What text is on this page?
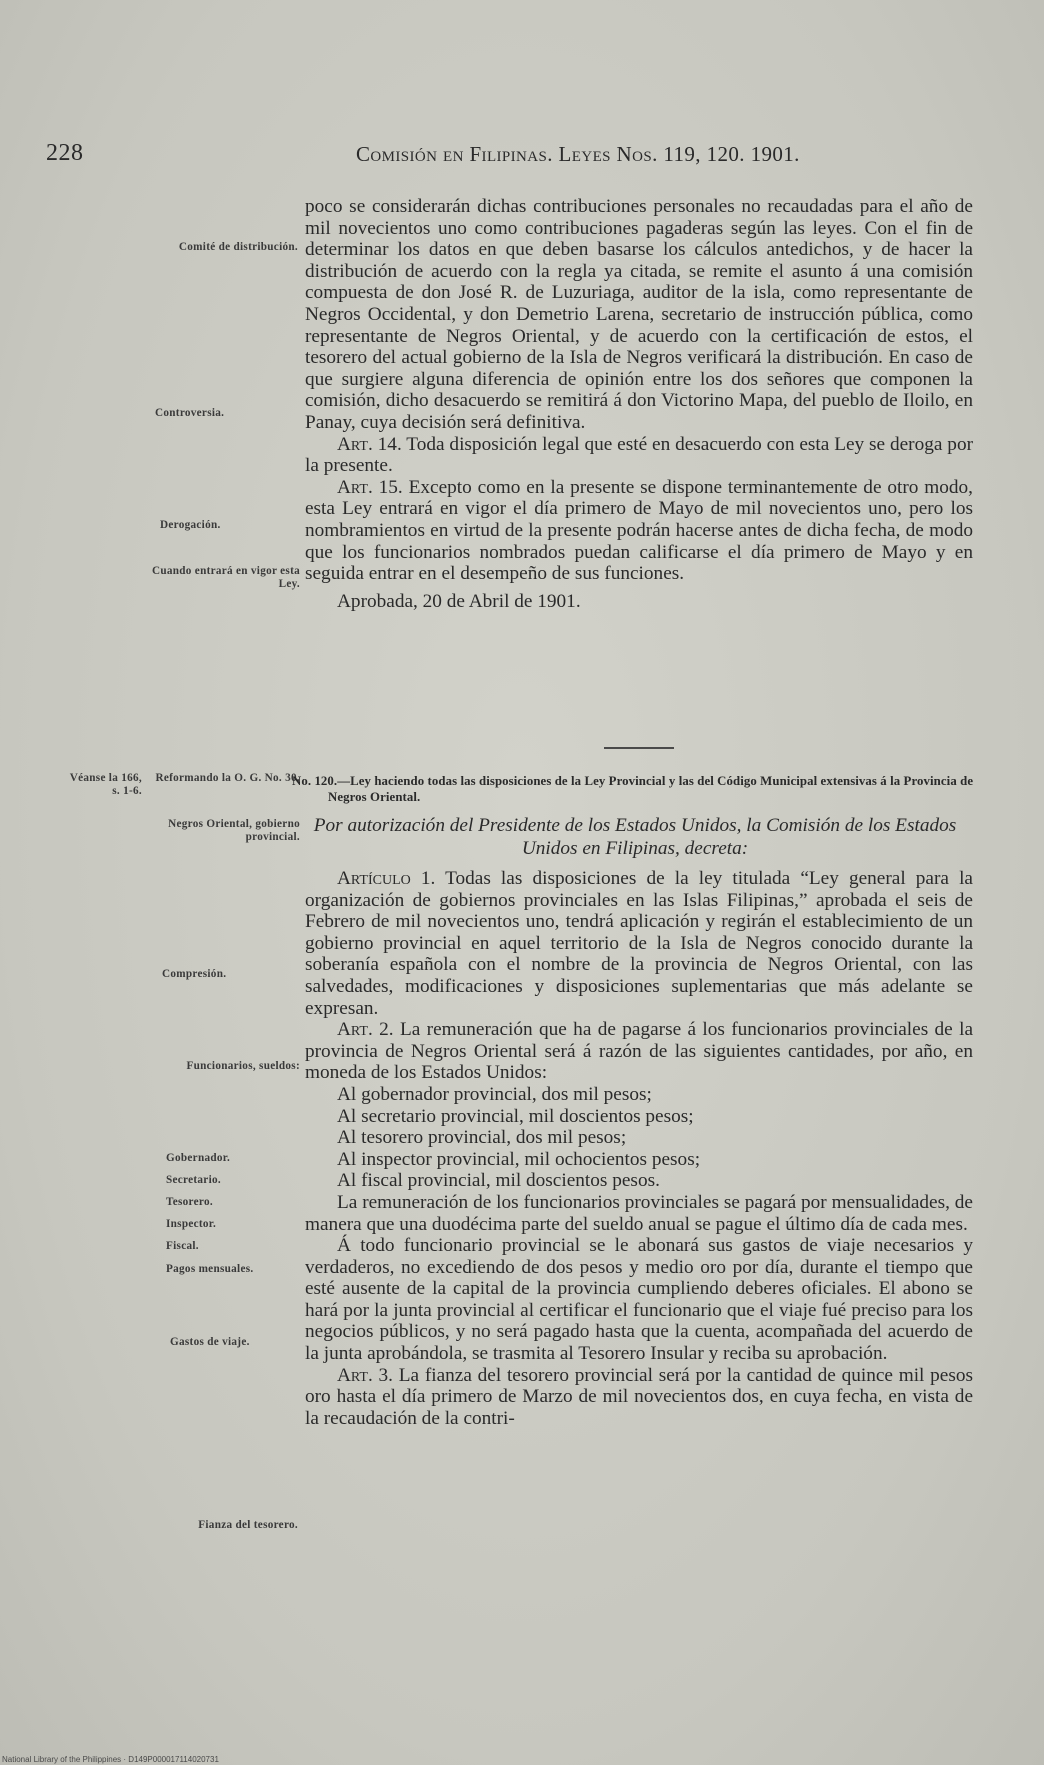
228	Comisión en Filipinas. Leyes Nos. 119, 120. 1901.
Comité de distribución.
Controversia.
Derogación.
Cuando entrará en vigor esta Ley.
Véanse la 166, s. 1-6.
Reformando la O. G. No. 30.
Negros Oriental, gobierno provincial.
Compresión.
Funcionarios, sueldos:
Gobernador.
Secretario.
Tesorero.
Inspector.
Fiscal.
Pagos mensuales.
Gastos de viaje.
Fianza del tesorero.

poco se considerarán dichas contribuciones personales no recaudadas para el año de mil novecientos uno como contribuciones pagaderas según las leyes. Con el fin de determinar los datos en que deben basarse los cálculos antedichos, y de hacer la distribución de acuerdo con la regla ya citada, se remite el asunto á una comisión compuesta de don José R. de Luzuriaga, auditor de la isla, como representante de Negros Occidental, y don Demetrio Larena, secretario de instrucción pública, como representante de Negros Oriental, y de acuerdo con la certificación de estos, el tesorero del actual gobierno de la Isla de Negros verificará la distribución. En caso de que surgiere alguna diferencia de opinión entre los dos señores que componen la comisión, dicho desacuerdo se remitirá á don Victorino Mapa, del pueblo de Iloilo, en Panay, cuya decisión será definitiva.

Art. 14. Toda disposición legal que esté en desacuerdo con esta Ley se deroga por la presente.

Art. 15. Excepto como en la presente se dispone terminantemente de otro modo, esta Ley entrará en vigor el día primero de Mayo de mil novecientos uno, pero los nombramientos en virtud de la presente podrán hacerse antes de dicha fecha, de modo que los funcionarios nombrados puedan calificarse el día primero de Mayo y en seguida entrar en el desempeño de sus funciones.

Aprobada, 20 de Abril de 1901.

No. 120.—Ley haciendo todas las disposiciones de la Ley Provincial y las del Código Municipal extensivas á la Provincia de Negros Oriental.
Por autorización del Presidente de los Estados Unidos, la Comisión de los Estados Unidos en Filipinas, decreta:

Artículo 1. Todas las disposiciones de la ley titulada “Ley general para la organización de gobiernos provinciales en las Islas Filipinas,” aprobada el seis de Febrero de mil novecientos uno, tendrá aplicación y regirán el establecimiento de un gobierno provincial en aquel territorio de la Isla de Negros conocido durante la soberanía española con el nombre de la provincia de Negros Oriental, con las salvedades, modificaciones y disposiciones suplementarias que más adelante se expresan.

Art. 2. La remuneración que ha de pagarse á los funcionarios provinciales de la provincia de Negros Oriental será á razón de las siguientes cantidades, por año, en moneda de los Estados Unidos:

Al gobernador provincial, dos mil pesos;
Al secretario provincial, mil doscientos pesos;
Al tesorero provincial, dos mil pesos;
Al inspector provincial, mil ochocientos pesos;
Al fiscal provincial, mil doscientos pesos.

La remuneración de los funcionarios provinciales se pagará por mensualidades, de manera que una duodécima parte del sueldo anual se pague el último día de cada mes.

Á todo funcionario provincial se le abonará sus gastos de viaje necesarios y verdaderos, no excediendo de dos pesos y medio oro por día, durante el tiempo que esté ausente de la capital de la provincia cumpliendo deberes oficiales. El abono se hará por la junta provincial al certificar el funcionario que el viaje fué preciso para los negocios públicos, y no será pagado hasta que la cuenta, acompañada del acuerdo de la junta aprobándola, se trasmita al Tesorero Insular y reciba su aprobación.

Art. 3. La fianza del tesorero provincial será por la cantidad de quince mil pesos oro hasta el día primero de Marzo de mil novecientos dos, en cuya fecha, en vista de la recaudación de la contri-

National Library of the Philippines · D149P000017114020731
